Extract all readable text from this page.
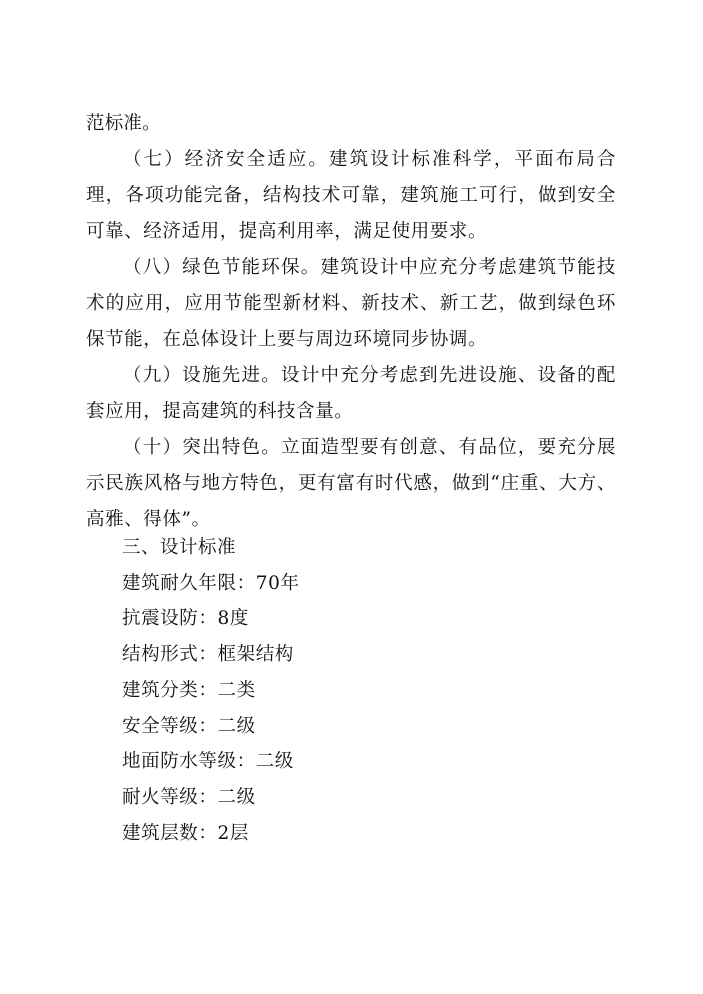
范标准。

（七）经济安全适应。建筑设计标准科学，平面布局合理，各项功能完备，结构技术可靠，建筑施工可行，做到安全可靠、经济适用，提高利用率，满足使用要求。

（八）绿色节能环保。建筑设计中应充分考虑建筑节能技术的应用，应用节能型新材料、新技术、新工艺，做到绿色环保节能，在总体设计上要与周边环境同步协调。

（九）设施先进。设计中充分考虑到先进设施、设备的配套应用，提高建筑的科技含量。

（十）突出特色。立面造型要有创意、有品位，要充分展示民族风格与地方特色，更有富有时代感，做到“庄重、大方、高雅、得体”。

三、设计标准
建筑耐久年限：70年
抗震设防：8度
结构形式：框架结构
建筑分类：二类
安全等级：二级
地面防水等级：二级
耐火等级：二级
建筑层数：2层
